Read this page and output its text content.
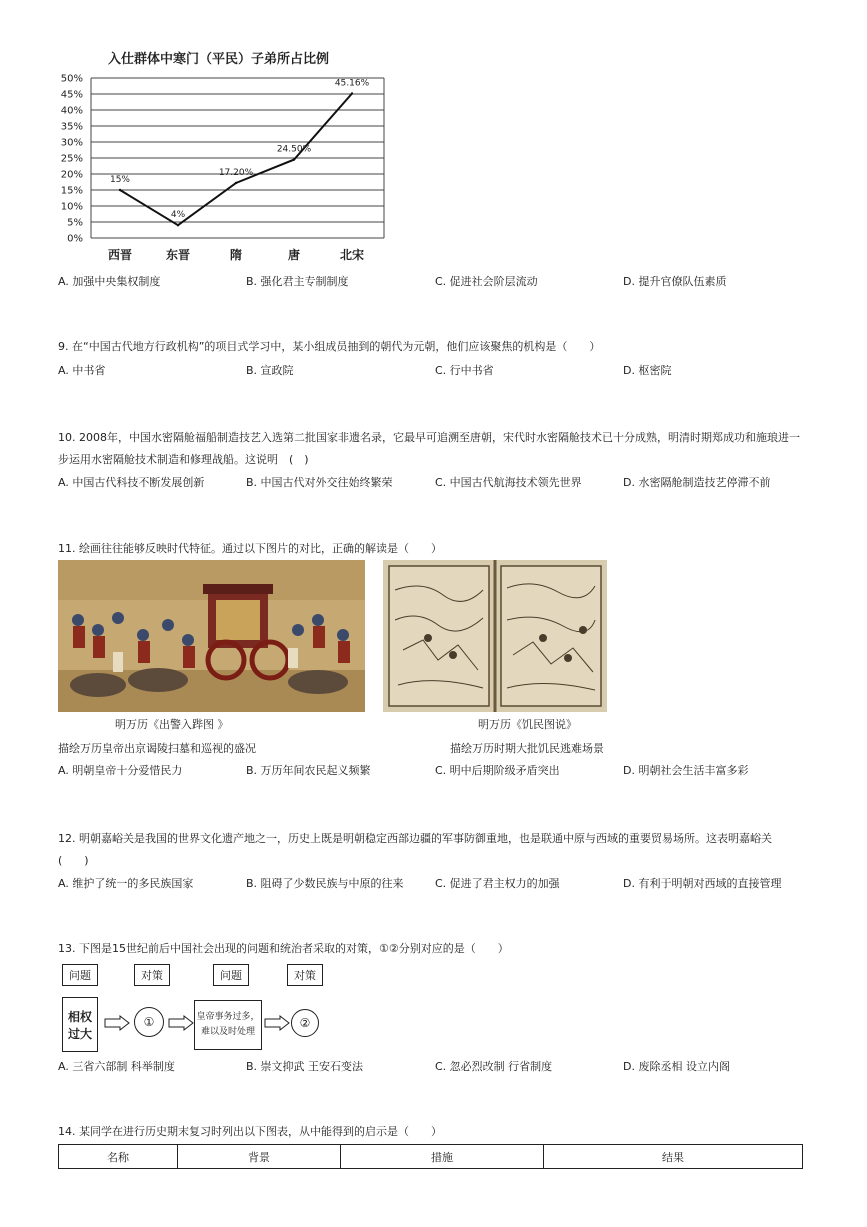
入仕群体中寒门（平民）子弟所占比例
0%
5%
10%
15%
20%
25%
30%
35%
40%
45%
50%
西晋	东晋	隋	唐	北宋
15%
4%
17.20%
24.50%
45.16%
A. 加强中央集权制度	B. 强化君主专制制度	C. 促进社会阶层流动	D. 提升官僚队伍素质
9. 在“中国古代地方行政机构”的项目式学习中，某小组成员抽到的朝代为元朝，他们应该聚焦的机构是（　　）
A. 中书省	B. 宣政院	C. 行中书省	D. 枢密院
10. 2008年，中国水密隔舱福船制造技艺入选第二批国家非遗名录，它最早可追溯至唐朝，宋代时水密隔舱技术已十分成熟，明清时期郑成功和施琅进一步运用水密隔舱技术制造和修理战船。这说明　(　)
A. 中国古代科技不断发展创新	B. 中国古代对外交往始终繁荣	C. 中国古代航海技术领先世界	D. 水密隔舱制造技艺停滞不前
11. 绘画往往能够反映时代特征。通过以下图片的对比，正确的解读是（　　）
明万历《出警入跸图 》	明万历《饥民图说》
描绘万历皇帝出京谒陵扫墓和巡视的盛况	描绘万历时期大批饥民逃难场景
A. 明朝皇帝十分爱惜民力	B. 万历年间农民起义频繁	C. 明中后期阶级矛盾突出	D. 明朝社会生活丰富多彩
12. 明朝嘉峪关是我国的世界文化遗产地之一，历史上既是明朝稳定西部边疆的军事防御重地，也是联通中原与西域的重要贸易场所。这表明嘉峪关　(　　)
A. 维护了统一的多民族国家	B. 阻碍了少数民族与中原的往来	C. 促进了君主权力的加强	D. 有利于明朝对西域的直接管理
13. 下图是15世纪前后中国社会出现的问题和统治者采取的对策，①②分别对应的是（　　）
问题	对策	问题	对策
相权
过大
①	皇帝事务过多，
难以及时处理
②
A. 三省六部制 科举制度	B. 崇文抑武 王安石变法	C. 忽必烈改制 行省制度	D. 废除丞相 设立内阁
14. 某同学在进行历史期末复习时列出以下图表，从中能得到的启示是（　　）
名称	背景	措施	结果
